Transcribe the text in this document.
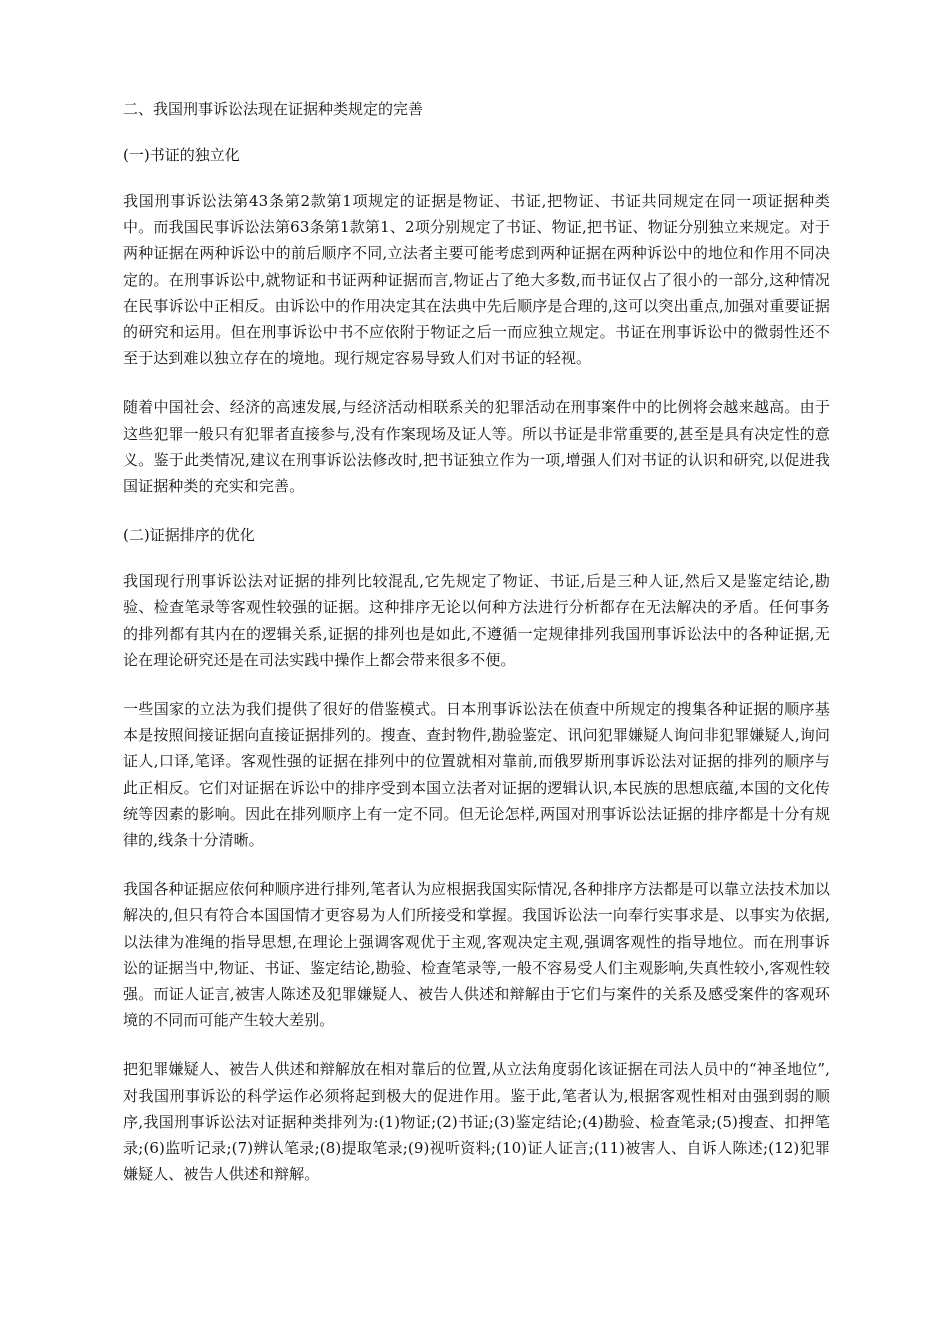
二、我国刑事诉讼法现在证据种类规定的完善
(一)书证的独立化

我国刑事诉讼法第43条第2款第1项规定的证据是物证、书证,把物证、书证共同规定在同一项证据种类中。而我国民事诉讼法第63条第1款第1、2项分别规定了书证、物证,把书证、物证分别独立来规定。对于两种证据在两种诉讼中的前后顺序不同,立法者主要可能考虑到两种证据在两种诉讼中的地位和作用不同决定的。在刑事诉讼中,就物证和书证两种证据而言,物证占了绝大多数,而书证仅占了很小的一部分,这种情况在民事诉讼中正相反。由诉讼中的作用决定其在法典中先后顺序是合理的,这可以突出重点,加强对重要证据的研究和运用。但在刑事诉讼中书不应依附于物证之后一而应独立规定。书证在刑事诉讼中的微弱性还不至于达到难以独立存在的境地。现行规定容易导致人们对书证的轻视。

随着中国社会、经济的高速发展,与经济活动相联系关的犯罪活动在刑事案件中的比例将会越来越高。由于这些犯罪一般只有犯罪者直接参与,没有作案现场及证人等。所以书证是非常重要的,甚至是具有决定性的意义。鉴于此类情况,建议在刑事诉讼法修改时,把书证独立作为一项,增强人们对书证的认识和研究,以促进我国证据种类的充实和完善。

(二)证据排序的优化

我国现行刑事诉讼法对证据的排列比较混乱,它先规定了物证、书证,后是三种人证,然后又是鉴定结论,勘验、检查笔录等客观性较强的证据。这种排序无论以何种方法进行分析都存在无法解决的矛盾。任何事务的排列都有其内在的逻辑关系,证据的排列也是如此,不遵循一定规律排列我国刑事诉讼法中的各种证据,无论在理论研究还是在司法实践中操作上都会带来很多不便。

一些国家的立法为我们提供了很好的借鉴模式。日本刑事诉讼法在侦查中所规定的搜集各种证据的顺序基本是按照间接证据向直接证据排列的。搜查、查封物件,勘验鉴定、讯问犯罪嫌疑人询问非犯罪嫌疑人,询问证人,口译,笔译。客观性强的证据在排列中的位置就相对靠前,而俄罗斯刑事诉讼法对证据的排列的顺序与此正相反。它们对证据在诉讼中的排序受到本国立法者对证据的逻辑认识,本民族的思想底蕴,本国的文化传统等因素的影响。因此在排列顺序上有一定不同。但无论怎样,两国对刑事诉讼法证据的排序都是十分有规律的,线条十分清晰。

我国各种证据应依何种顺序进行排列,笔者认为应根据我国实际情况,各种排序方法都是可以靠立法技术加以解决的,但只有符合本国国情才更容易为人们所接受和掌握。我国诉讼法一向奉行实事求是、以事实为依据,以法律为准绳的指导思想,在理论上强调客观优于主观,客观决定主观,强调客观性的指导地位。而在刑事诉讼的证据当中,物证、书证、鉴定结论,勘验、检查笔录等,一般不容易受人们主观影响,失真性较小,客观性较强。而证人证言,被害人陈述及犯罪嫌疑人、被告人供述和辩解由于它们与案件的关系及感受案件的客观环境的不同而可能产生较大差别。

把犯罪嫌疑人、被告人供述和辩解放在相对靠后的位置,从立法角度弱化该证据在司法人员中的“神圣地位”,对我国刑事诉讼的科学运作必须将起到极大的促进作用。鉴于此,笔者认为,根据客观性相对由强到弱的顺序,我国刑事诉讼法对证据种类排列为:(1)物证;(2)书证;(3)鉴定结论;(4)勘验、检查笔录;(5)搜查、扣押笔录;(6)监听记录;(7)辨认笔录;(8)提取笔录;(9)视听资料;(10)证人证言;(11)被害人、自诉人陈述;(12)犯罪嫌疑人、被告人供述和辩解。
